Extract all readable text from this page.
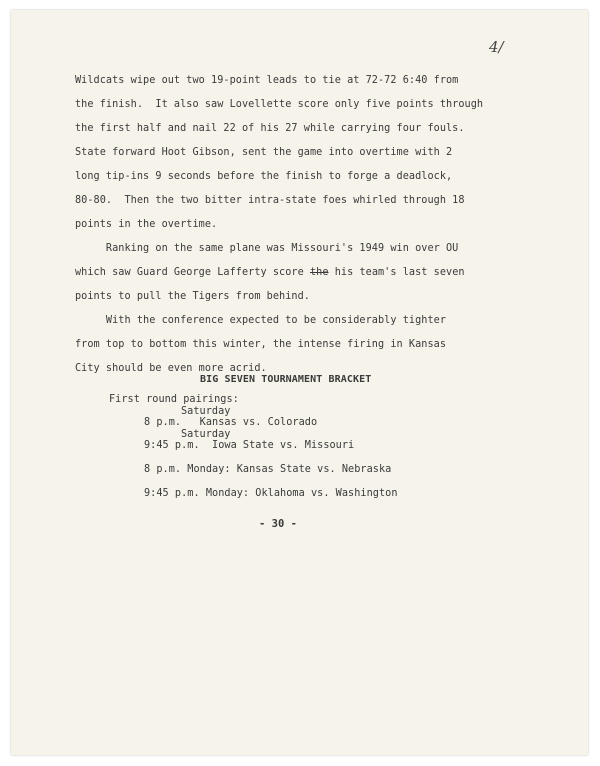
4/
Wildcats wipe out two 19-point leads to tie at 72-72 6:40 from
the finish.  It also saw Lovellette score only five points through
the first half and nail 22 of his 27 while carrying four fouls.
State forward Hoot Gibson, sent the game into overtime with 2
long tip-ins 9 seconds before the finish to forge a deadlock,
80-80.  Then the two bitter intra-state foes whirled through 18
points in the overtime.
Ranking on the same plane was Missouri's 1949 win over OU
which saw Guard George Lafferty score the his team's last seven
points to pull the Tigers from behind.
With the conference expected to be considerably tighter
from top to bottom this winter, the intense firing in Kansas
City should be even more acrid.
BIG SEVEN TOURNAMENT BRACKET
First round pairings:
Saturday
8 p.m.   Kansas vs. Colorado
Saturday
9:45 p.m.  Iowa State vs. Missouri
8 p.m. Monday: Kansas State vs. Nebraska
9:45 p.m. Monday: Oklahoma vs. Washington
- 30 -
